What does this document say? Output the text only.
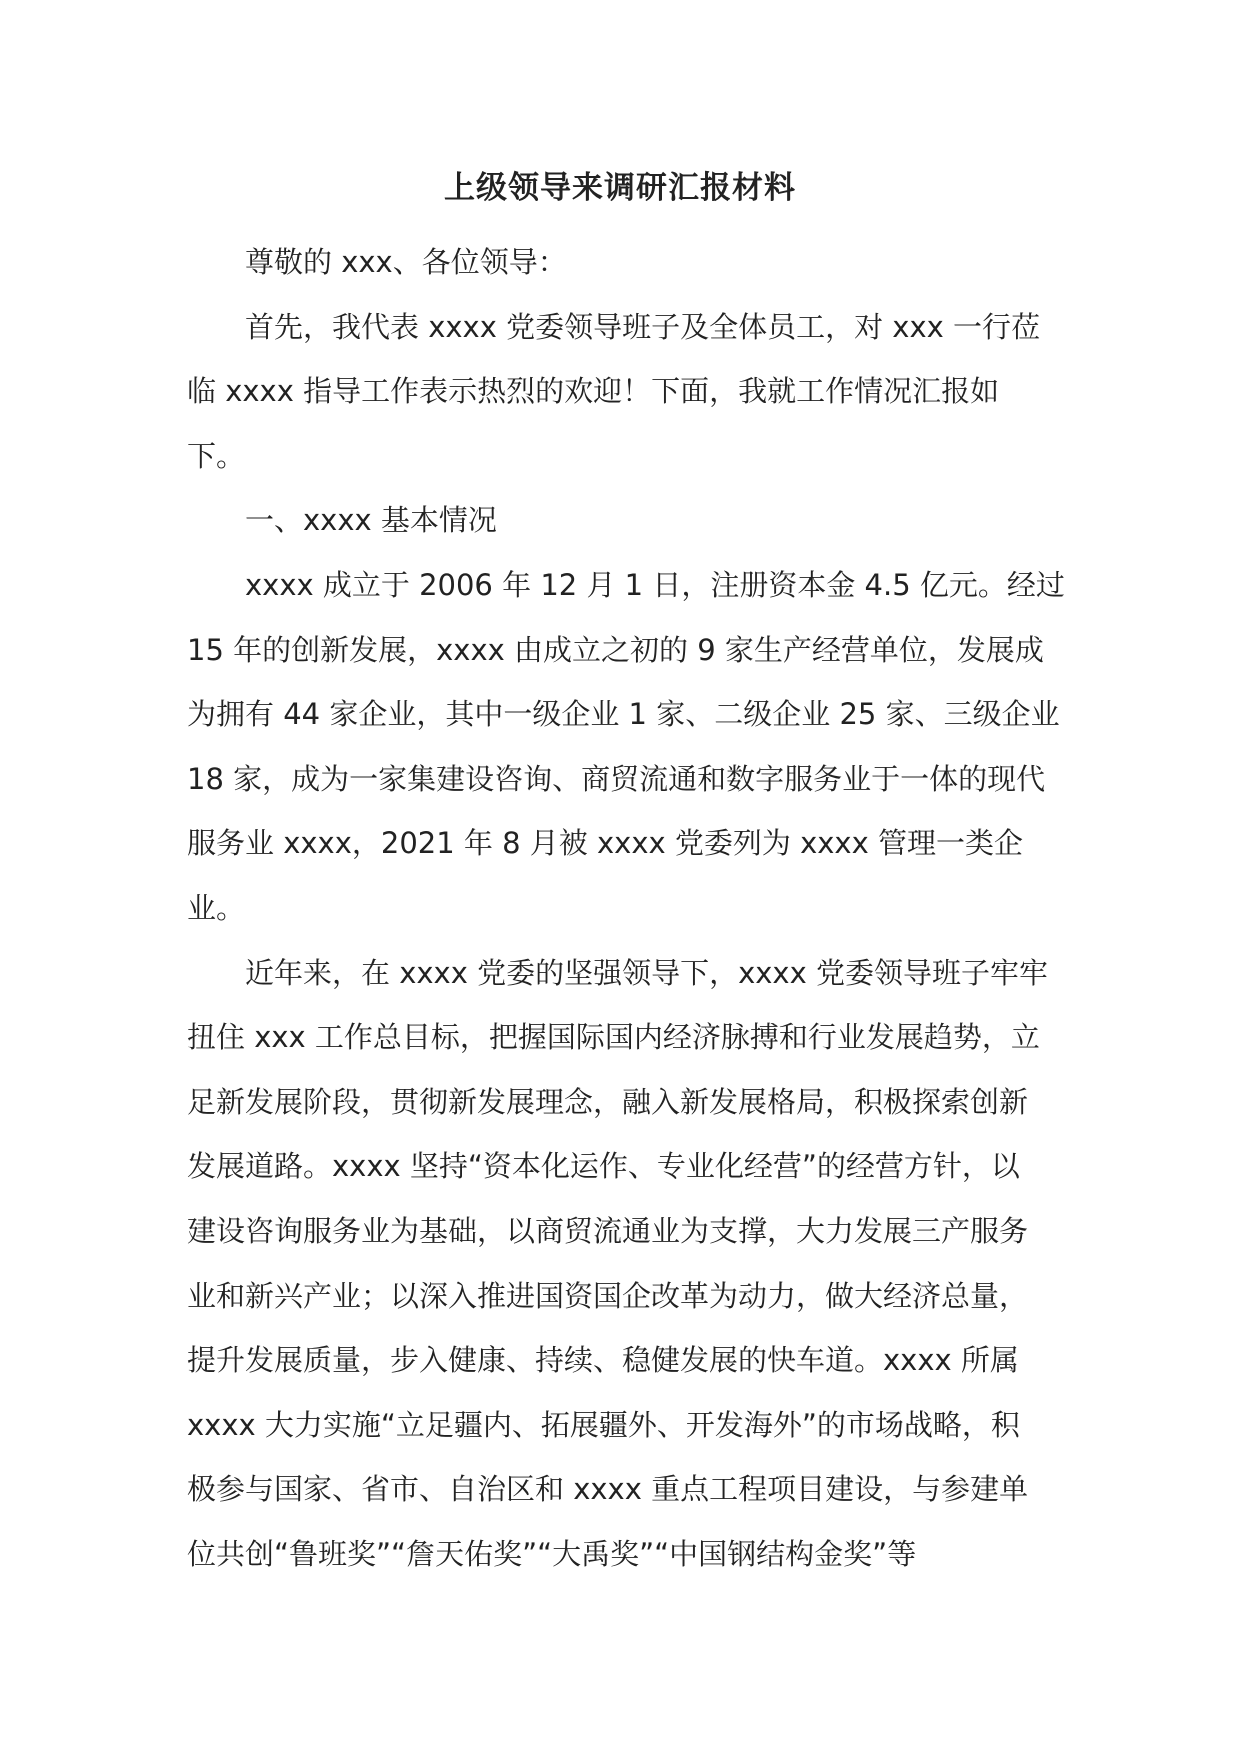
上级领导来调研汇报材料
尊敬的 xxx、各位领导：
首先，我代表 xxxx 党委领导班子及全体员工，对 xxx 一行莅
临 xxxx 指导工作表示热烈的欢迎！下面，我就工作情况汇报如
下。
一、xxxx 基本情况
xxxx 成立于 2006 年 12 月 1 日，注册资本金 4.5 亿元。经过
15 年的创新发展，xxxx 由成立之初的 9 家生产经营单位，发展成
为拥有 44 家企业，其中一级企业 1 家、二级企业 25 家、三级企业
18 家，成为一家集建设咨询、商贸流通和数字服务业于一体的现代
服务业 xxxx，2021 年 8 月被 xxxx 党委列为 xxxx 管理一类企
业。
近年来，在 xxxx 党委的坚强领导下，xxxx 党委领导班子牢牢
扭住 xxx 工作总目标，把握国际国内经济脉搏和行业发展趋势，立
足新发展阶段，贯彻新发展理念，融入新发展格局，积极探索创新
发展道路。xxxx 坚持“资本化运作、专业化经营”的经营方针，以
建设咨询服务业为基础，以商贸流通业为支撑，大力发展三产服务
业和新兴产业；以深入推进国资国企改革为动力，做大经济总量，
提升发展质量，步入健康、持续、稳健发展的快车道。xxxx 所属
xxxx 大力实施“立足疆内、拓展疆外、开发海外”的市场战略，积
极参与国家、省市、自治区和 xxxx 重点工程项目建设，与参建单
位共创“鲁班奖”“詹天佑奖”“大禹奖”“中国钢结构金奖”等
